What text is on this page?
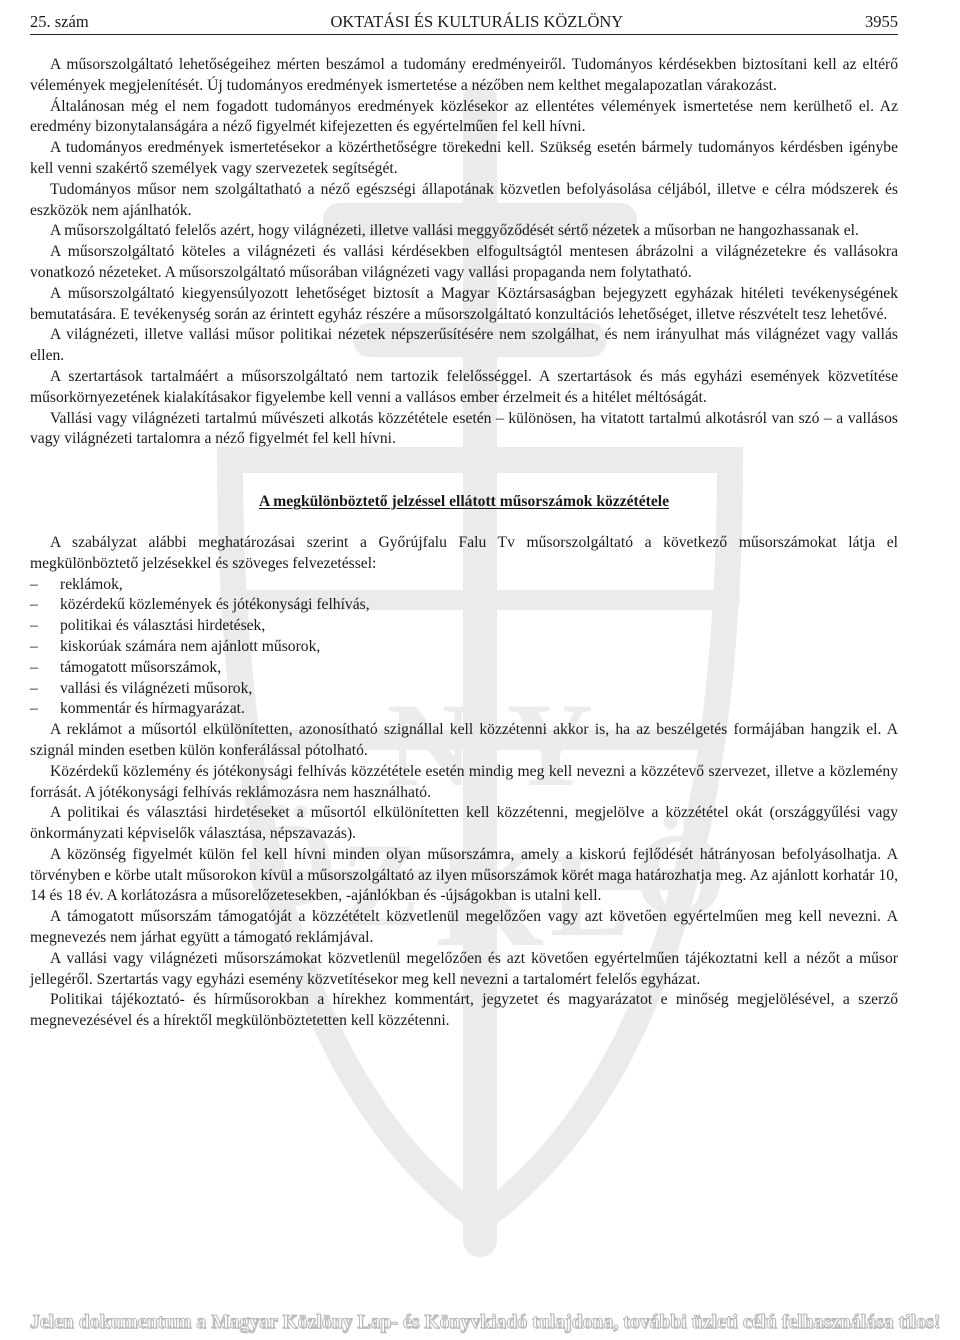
K
Ö Z L Ö
N Y
25. szám	OKTATÁSI ÉS KULTURÁLIS KÖZLÖNY	3955

A műsorszolgáltató lehetőségeihez mérten beszámol a tudomány eredményeiről. Tudományos kérdésekben biztosítani kell az eltérő vélemények megjelenítését. Új tudományos eredmények ismertetése a nézőben nem kelthet megalapozatlan várakozást.

Általánosan még el nem fogadott tudományos eredmények közlésekor az ellentétes vélemények ismertetése nem kerülhető el. Az eredmény bizonytalanságára a néző figyelmét kifejezetten és egyértelműen fel kell hívni.

A tudományos eredmények ismertetésekor a közérthetőségre törekedni kell. Szükség esetén bármely tudományos kérdésben igénybe kell venni szakértő személyek vagy szervezetek segítségét.

Tudományos műsor nem szolgáltatható a néző egészségi állapotának közvetlen befolyásolása céljából, illetve e célra módszerek és eszközök nem ajánlhatók.

A műsorszolgáltató felelős azért, hogy világnézeti, illetve vallási meggyőződését sértő nézetek a műsorban ne hangozhassanak el.

A műsorszolgáltató köteles a világnézeti és vallási kérdésekben elfogultságtól mentesen ábrázolni a világnézetekre és vallásokra vonatkozó nézeteket. A műsorszolgáltató műsorában világnézeti vagy vallási propaganda nem folytatható.

A műsorszolgáltató kiegyensúlyozott lehetőséget biztosít a Magyar Köztársaságban bejegyzett egyházak hitéleti tevékenységének bemutatására. E tevékenység során az érintett egyház részére a műsorszolgáltató konzultációs lehetőséget, illetve részvételt tesz lehetővé.

A világnézeti, illetve vallási műsor politikai nézetek népszerűsítésére nem szolgálhat, és nem irányulhat más világnézet vagy vallás ellen.

A szertartások tartalmáért a műsorszolgáltató nem tartozik felelősséggel. A szertartások és más egyházi események közvetítése műsorkörnyezetének kialakításakor figyelembe kell venni a vallásos ember érzelmeit és a hitélet méltóságát.

Vallási vagy világnézeti tartalmú művészeti alkotás közzététele esetén – különösen, ha vitatott tartalmú alkotásról van szó – a vallásos vagy világnézeti tartalomra a néző figyelmét fel kell hívni.

A megkülönböztető jelzéssel ellátott műsorszámok közzététele

A szabályzat alábbi meghatározásai szerint a Győrújfalu Falu Tv műsorszolgáltató a következő műsorszámokat látja el megkülönböztető jelzésekkel és szöveges felvezetéssel:

– reklámok,
– közérdekű közlemények és jótékonysági felhívás,
– politikai és választási hirdetések,
– kiskorúak számára nem ajánlott műsorok,
– támogatott műsorszámok,
– vallási és világnézeti műsorok,
– kommentár és hírmagyarázat.

A reklámot a műsortól elkülönítetten, azonosítható szignállal kell közzétenni akkor is, ha az beszélgetés formájában hangzik el. A szignál minden esetben külön konferálással pótolható.

Közérdekű közlemény és jótékonysági felhívás közzététele esetén mindig meg kell nevezni a közzétevő szervezet, illetve a közlemény forrását. A jótékonysági felhívás reklámozásra nem használható.

A politikai és választási hirdetéseket a műsortól elkülönítetten kell közzétenni, megjelölve a közzététel okát (országgyűlési vagy önkormányzati képviselők választása, népszavazás).

A közönség figyelmét külön fel kell hívni minden olyan műsorszámra, amely a kiskorú fejlődését hátrányosan befolyásolhatja. A törvényben e körbe utalt műsorokon kívül a műsorszolgáltató az ilyen műsorszámok körét maga határozhatja meg. Az ajánlott korhatár 10, 14 és 18 év. A korlátozásra a műsorelőzetesekben, -ajánlókban és -újságokban is utalni kell.

A támogatott műsorszám támogatóját a közzétételt közvetlenül megelőzően vagy azt követően egyértelműen meg kell nevezni. A megnevezés nem járhat együtt a támogató reklámjával.

A vallási vagy világnézeti műsorszámokat közvetlenül megelőzően és azt követően egyértelműen tájékoztatni kell a nézőt a műsor jellegéről. Szertartás vagy egyházi esemény közvetítésekor meg kell nevezni a tartalomért felelős egyházat.

Politikai tájékoztató- és hírműsorokban a hírekhez kommentárt, jegyzetet és magyarázatot e minőség megjelölésével, a szerző megnevezésével és a hírektől megkülönböztetetten kell közzétenni.

Jelen dokumentum a Magyar Közlöny Lap- és Könyvkiadó tulajdona, további üzleti célú felhasználása tilos!
